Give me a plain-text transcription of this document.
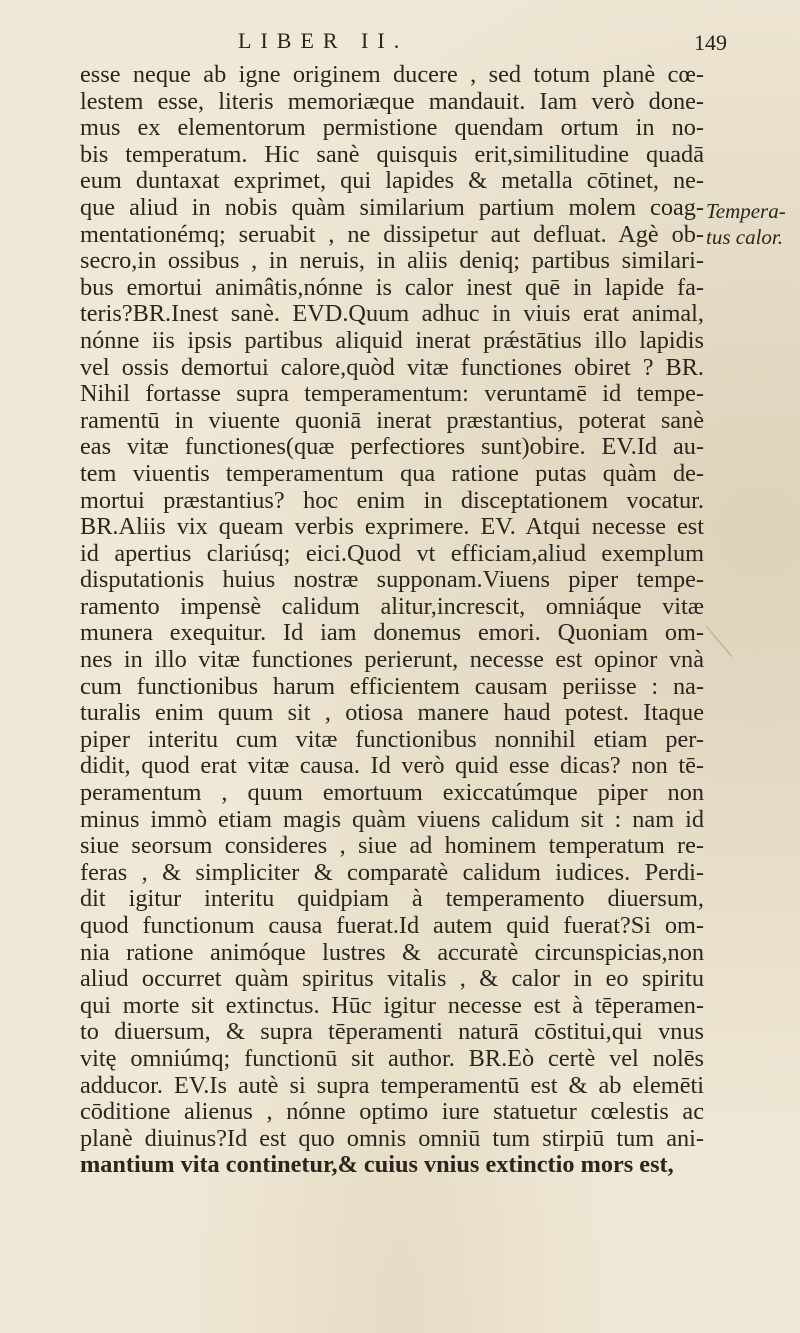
LIBER II.	149
esse neque ab igne originem ducere , sed totum planè cœ-
lestem esse, literis memoriæque mandauit. Iam verò done-
mus ex elementorum permistione quendam ortum in no-
bis temperatum. Hic sanè quisquis erit,similitudine quadā
eum duntaxat exprimet, qui lapides & metalla cōtinet, ne-
que aliud in nobis quàm similarium partium molem coag-
mentationémq; seruabit , ne dissipetur aut defluat. Agè ob-
secro,in ossibus , in neruis, in aliis deniq; partibus similari-
bus emortui animâtis,nónne is calor inest quē in lapide fa-
teris?BR.Inest sanè. EVD.Quum adhuc in viuis erat animal,
nónne iis ipsis partibus aliquid inerat prǽstātius illo lapidis
vel ossis demortui calore,quòd vitæ functiones obiret ? BR.
Nihil fortasse supra temperamentum: veruntamē id tempe-
ramentū in viuente quoniā inerat præstantius, poterat sanè
eas vitæ functiones(quæ perfectiores sunt)obire. EV.Id au-
tem viuentis temperamentum qua ratione putas quàm de-
mortui præstantius? hoc enim in disceptationem vocatur.
BR.Aliis vix queam verbis exprimere. EV. Atqui necesse est
id apertius clariúsq; eici.Quod vt efficiam,aliud exemplum
disputationis huius nostræ supponam.Viuens piper tempe-
ramento impensè calidum alitur,increscit, omniáque vitæ
munera exequitur. Id iam donemus emori. Quoniam om-
nes in illo vitæ functiones perierunt, necesse est opinor vnà
cum functionibus harum efficientem causam periisse : na-
turalis enim quum sit , otiosa manere haud potest. Itaque
piper interitu cum vitæ functionibus nonnihil etiam per-
didit, quod erat vitæ causa. Id verò quid esse dicas? non tē-
peramentum , quum emortuum exiccatúmque piper non
minus immò etiam magis quàm viuens calidum sit : nam id
siue seorsum consideres , siue ad hominem temperatum re-
feras , & simpliciter & comparatè calidum iudices. Perdi-
dit igitur interitu quidpiam à temperamento diuersum,
quod functionum causa fuerat.Id autem quid fuerat?Si om-
nia ratione animóque lustres & accuratè circunspicias,non
aliud occurret quàm spiritus vitalis , & calor in eo spiritu
qui morte sit extinctus. Hūc igitur necesse est à tēperamen-
to diuersum, & supra tēperamenti naturā cōstitui,qui vnus
vitę omniúmq; functionū sit author. BR.Eò certè vel nolēs
adducor. EV.Is autè si supra temperamentū est & ab elemēti
cōditione alienus , nónne optimo iure statuetur cœlestis ac
planè diuinus?Id est quo omnis omniū tum stirpiū tum ani-
mantium vita continetur,& cuius vnius extinctio mors est,
Tempera-
tus calor.
